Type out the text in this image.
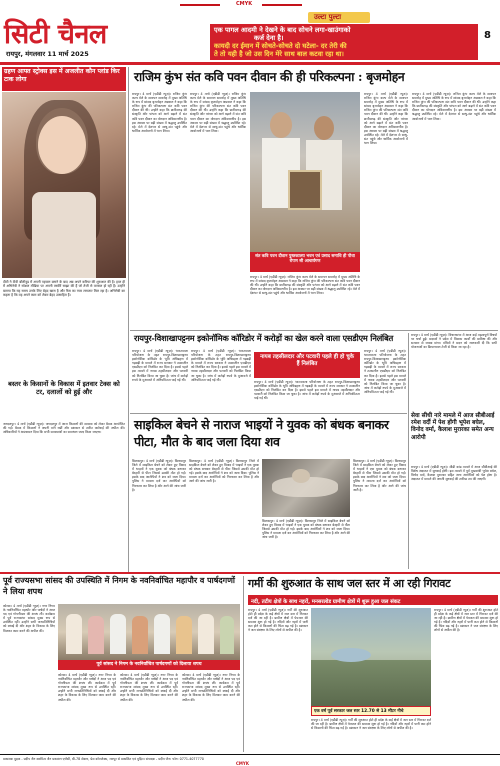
CMYK
सिटी चैनल
रायपुर, मंगलवार 11 मार्च 2025
उल्टा पुल्टा
एक पागल आदमी ने देखने के बाद सोचने लगा-खाउंगाको
कर्ज देना है।
कायदी दर ईमान में सोचते-सोचते दो घटेला- दर तेरी की
ते तो यही है जो उस दिन मेरे साथ बाल कटवा रहा था।
8
ग्रहण आफ्त स्ट्रोक्स इस में अजलीत कौन प्लांड किर टाक लोगा
दीवी ने टीवी बॉलीवुड में अपनी पहचान बनाने के बाद अब अपने करियर की शुरुआत की है। हाल ही में अभिनेत्री ने सोशल मीडिया पर अपनी तस्वीरें साझा की हैं जो तेजी से वायरल हो रही हैं। उन्होंने बताया कि यह समय उनके लिए बेहद खास है और फैंस का प्यार लगातार मिल रहा है। अभिनेत्री का कहना है कि वह अपने काम को लेकर बेहद उत्साहित हैं।
बस्तर के किसानों के विकास में इतवार टेक्स को टर, दलालों को हुई और
जगदलपुर। 4 मार्च (एडीडी न्यूज़)। जगदलपुर में आज किसानों की समस्या को लेकर बैठक आयोजित की गई। बैठक में किसानों ने अपनी मांगें रखीं और प्रशासन से त्वरित कार्रवाई की अपील की। अधिकारियों ने आश्वासन दिया कि सभी समस्याओं का समाधान जल्द किया जाएगा।
राजिम कुंभ संत कवि पवन दीवान की ही परिकल्पना : बृजमोहन
रायपुर। 4 मार्च (एडीडी न्यूज़)। राजिम कुंभ कल्प मेले के समापन समारोह में मुख्य अतिथि के रूप में सांसद बृजमोहन अग्रवाल ने कहा कि राजिम कुंभ की परिकल्पना संत कवि पवन दीवान की थी। उन्होंने कहा कि छत्तीसगढ़ की संस्कृति और परंपरा को आगे बढ़ाने में संत कवि पवन दीवान का योगदान अविस्मरणीय है। इस अवसर पर बड़ी संख्या में श्रद्धालु उपस्थित रहे। मेले में देशभर से साधु-संत पहुंचे और धार्मिक आयोजनों में भाग लिया।
रायपुर। 4 मार्च (एडीडी न्यूज़)। राजिम कुंभ कल्प मेले के समापन समारोह में मुख्य अतिथि के रूप में सांसद बृजमोहन अग्रवाल ने कहा कि राजिम कुंभ की परिकल्पना संत कवि पवन दीवान की थी। उन्होंने कहा कि छत्तीसगढ़ की संस्कृति और परंपरा को आगे बढ़ाने में संत कवि पवन दीवान का योगदान अविस्मरणीय है। इस अवसर पर बड़ी संख्या में श्रद्धालु उपस्थित रहे। मेले में देशभर से साधु-संत पहुंचे और धार्मिक आयोजनों में भाग लिया।
संत कवि पवन दीवान पुस्तकालय भवन एवं प्रसाद समाधि ही पौधा रोपण सी आचार्यगण
रायपुर। 4 मार्च (एडीडी न्यूज़)। राजिम कुंभ कल्प मेले के समापन समारोह में मुख्य अतिथि के रूप में सांसद बृजमोहन अग्रवाल ने कहा कि राजिम कुंभ की परिकल्पना संत कवि पवन दीवान की थी। उन्होंने कहा कि छत्तीसगढ़ की संस्कृति और परंपरा को आगे बढ़ाने में संत कवि पवन दीवान का योगदान अविस्मरणीय है। इस अवसर पर बड़ी संख्या में श्रद्धालु उपस्थित रहे। मेले में देशभर से साधु-संत पहुंचे और धार्मिक आयोजनों में भाग लिया।
रायपुर। 4 मार्च (एडीडी न्यूज़)। राजिम कुंभ कल्प मेले के समापन समारोह में मुख्य अतिथि के रूप में सांसद बृजमोहन अग्रवाल ने कहा कि राजिम कुंभ की परिकल्पना संत कवि पवन दीवान की थी। उन्होंने कहा कि छत्तीसगढ़ की संस्कृति और परंपरा को आगे बढ़ाने में संत कवि पवन दीवान का योगदान अविस्मरणीय है। इस अवसर पर बड़ी संख्या में श्रद्धालु उपस्थित रहे। मेले में देशभर से साधु-संत पहुंचे और धार्मिक आयोजनों में भाग लिया।
रायपुर। 4 मार्च (एडीडी न्यूज़)। राजिम कुंभ कल्प मेले के समापन समारोह में मुख्य अतिथि के रूप में सांसद बृजमोहन अग्रवाल ने कहा कि राजिम कुंभ की परिकल्पना संत कवि पवन दीवान की थी। उन्होंने कहा कि छत्तीसगढ़ की संस्कृति और परंपरा को आगे बढ़ाने में संत कवि पवन दीवान का योगदान अविस्मरणीय है। इस अवसर पर बड़ी संख्या में श्रद्धालु उपस्थित रहे। मेले में देशभर से साधु-संत पहुंचे और धार्मिक आयोजनों में भाग लिया।
रायपुर-विशाखापट्टनम इकोनॉमिक कॉरिडोर में करोड़ों का खेल करने वाला एसडीएम निलंबित
रायपुर। 4 मार्च (एडीडी न्यूज़)। भारतमाला परियोजना के तहत रायपुर-विशाखापट्टनम इकोनॉमिक कॉरिडोर के भूमि अधिग्रहण में गड़बड़ी के मामले में राज्य सरकार ने तत्कालीन एसडीएम को निलंबित कर दिया है। इससे पहले इस मामले में नायब तहसीलदार और पटवारी को निलंबित किया जा चुका है। जांच में करोड़ों रुपये के मुआवजे में अनियमितता पाई गई थी।
रायपुर। 4 मार्च (एडीडी न्यूज़)। भारतमाला परियोजना के तहत रायपुर-विशाखापट्टनम इकोनॉमिक कॉरिडोर के भूमि अधिग्रहण में गड़बड़ी के मामले में राज्य सरकार ने तत्कालीन एसडीएम को निलंबित कर दिया है। इससे पहले इस मामले में नायब तहसीलदार और पटवारी को निलंबित किया जा चुका है। जांच में करोड़ों रुपये के मुआवजे में अनियमितता पाई गई थी।
नायब तहसीलदार और पटवारी पहले ही हो चुके हैं निलंबित
रायपुर। 4 मार्च (एडीडी न्यूज़)। भारतमाला परियोजना के तहत रायपुर-विशाखापट्टनम इकोनॉमिक कॉरिडोर के भूमि अधिग्रहण में गड़बड़ी के मामले में राज्य सरकार ने तत्कालीन एसडीएम को निलंबित कर दिया है। इससे पहले इस मामले में नायब तहसीलदार और पटवारी को निलंबित किया जा चुका है। जांच में करोड़ों रुपये के मुआवजे में अनियमितता पाई गई थी।
रायपुर। 4 मार्च (एडीडी न्यूज़)। भारतमाला परियोजना के तहत रायपुर-विशाखापट्टनम इकोनॉमिक कॉरिडोर के भूमि अधिग्रहण में गड़बड़ी के मामले में राज्य सरकार ने तत्कालीन एसडीएम को निलंबित कर दिया है। इससे पहले इस मामले में नायब तहसीलदार और पटवारी को निलंबित किया जा चुका है। जांच में करोड़ों रुपये के मुआवजे में अनियमितता पाई गई थी।
रायपुर। 4 मार्च (एडीडी न्यूज़)। विधानसभा में आज कई महत्वपूर्ण विषयों पर चर्चा हुई। सदस्यों ने प्रदेश में विकास कार्यों की समीक्षा की और सरकार से जवाब मांगा। मंत्रियों ने सदन को जानकारी दी कि सभी योजनाओं का क्रियान्वयन तेजी से किया जा रहा है।
साइकिल बेचने से नाराज भाइयों ने युवक को बंधक बनाकर पीटा, मौत के बाद जला दिया शव
बिलासपुर। 4 मार्च (एडीडी न्यूज़)। बिलासपुर जिले में साइकिल बेचने को लेकर हुए विवाद में भाइयों ने एक युवक को बंधक बनाकर बेरहमी से पीटा जिससे उसकी मौत हो गई। इसके बाद आरोपियों ने शव को जला दिया। पुलिस ने मामला दर्ज कर आरोपियों को गिरफ्तार कर लिया है और आगे की जांच जारी है।
बिलासपुर। 4 मार्च (एडीडी न्यूज़)। बिलासपुर जिले में साइकिल बेचने को लेकर हुए विवाद में भाइयों ने एक युवक को बंधक बनाकर बेरहमी से पीटा जिससे उसकी मौत हो गई। इसके बाद आरोपियों ने शव को जला दिया। पुलिस ने मामला दर्ज कर आरोपियों को गिरफ्तार कर लिया है और आगे की जांच जारी है।
बिलासपुर। 4 मार्च (एडीडी न्यूज़)। बिलासपुर जिले में साइकिल बेचने को लेकर हुए विवाद में भाइयों ने एक युवक को बंधक बनाकर बेरहमी से पीटा जिससे उसकी मौत हो गई। इसके बाद आरोपियों ने शव को जला दिया। पुलिस ने मामला दर्ज कर आरोपियों को गिरफ्तार कर लिया है और आगे की जांच जारी है।
बिलासपुर। 4 मार्च (एडीडी न्यूज़)। बिलासपुर जिले में साइकिल बेचने को लेकर हुए विवाद में भाइयों ने एक युवक को बंधक बनाकर बेरहमी से पीटा जिससे उसकी मौत हो गई। इसके बाद आरोपियों ने शव को जला दिया। पुलिस ने मामला दर्ज कर आरोपियों को गिरफ्तार कर लिया है और आगे की जांच जारी है।
सेवा सीधी नारे मामले में आज सीबीआई रमेश वर्दी में पेश होंगी भूपेश बघेल, विनोद वर्मा, कैलाश मुरारका समेत अन्य आरोपी
रायपुर। 4 मार्च (एडीडी न्यूज़)। सीडी कांड मामले में आज सीबीआई की विशेष अदालत में सुनवाई होगी। इस मामले में पूर्व मुख्यमंत्री भूपेश बघेल, विनोद वर्मा, कैलाश मुरारका सहित अन्य आरोपियों को पेश होना है। अदालत में मामले की अगली सुनवाई की तारीख तय की जाएगी।
पूर्व राज्यसभा सांसद की उपस्थिति में निगम के नवनिर्वाचित महापौर व पार्षदगणों ने लिया शपथ
कोरबा। 4 मार्च (एडीडी न्यूज़)। नगर निगम के नवनिर्वाचित महापौर और पार्षदों ने आज पद एवं गोपनीयता की शपथ ली। कार्यक्रम में पूर्व राज्यसभा सांसद मुख्य रूप से उपस्थित रहीं। उन्होंने सभी जनप्रतिनिधियों को बधाई दी और शहर के विकास के लिए मिलकर काम करने की अपील की।
पूर्व सांसद ने निगम के नवनिर्वाचित पार्षदगणों को दिलाया शपथ
कोरबा। 4 मार्च (एडीडी न्यूज़)। नगर निगम के नवनिर्वाचित महापौर और पार्षदों ने आज पद एवं गोपनीयता की शपथ ली। कार्यक्रम में पूर्व राज्यसभा सांसद मुख्य रूप से उपस्थित रहीं। उन्होंने सभी जनप्रतिनिधियों को बधाई दी और शहर के विकास के लिए मिलकर काम करने की अपील की।
कोरबा। 4 मार्च (एडीडी न्यूज़)। नगर निगम के नवनिर्वाचित महापौर और पार्षदों ने आज पद एवं गोपनीयता की शपथ ली। कार्यक्रम में पूर्व राज्यसभा सांसद मुख्य रूप से उपस्थित रहीं। उन्होंने सभी जनप्रतिनिधियों को बधाई दी और शहर के विकास के लिए मिलकर काम करने की अपील की।
कोरबा। 4 मार्च (एडीडी न्यूज़)। नगर निगम के नवनिर्वाचित महापौर और पार्षदों ने आज पद एवं गोपनीयता की शपथ ली। कार्यक्रम में पूर्व राज्यसभा सांसद मुख्य रूप से उपस्थित रहीं। उन्होंने सभी जनप्रतिनिधियों को बधाई दी और शहर के विकास के लिए मिलकर काम करने की अपील की।
गर्मी की शुरुआत के साथ जल स्तर में आ रही गिरावट
नदी, तटीय क्षेत्रों के साथ नहरों, मनसरलोड ग्रामीण क्षेत्रों में शुरू हुआ जल संकट
रायपुर। 4 मार्च (एडीडी न्यूज़)। गर्मी की शुरुआत होते ही प्रदेश के कई क्षेत्रों में जल स्तर में गिरावट दर्ज की जा रही है। ग्रामीण क्षेत्रों में पेयजल की समस्या शुरू हो गई है। नदियों और नहरों में पानी कम होने से किसानों की चिंता बढ़ गई है। प्रशासन ने जल संरक्षण के लिए लोगों से अपील की है।
एक वर्ष पूर्व सरकार जल स्तर 12.70 से 13 मीटर नीचे
रायपुर। 4 मार्च (एडीडी न्यूज़)। गर्मी की शुरुआत होते ही प्रदेश के कई क्षेत्रों में जल स्तर में गिरावट दर्ज की जा रही है। ग्रामीण क्षेत्रों में पेयजल की समस्या शुरू हो गई है। नदियों और नहरों में पानी कम होने से किसानों की चिंता बढ़ गई है। प्रशासन ने जल संरक्षण के लिए लोगों से अपील की है।
रायपुर। 4 मार्च (एडीडी न्यूज़)। गर्मी की शुरुआत होते ही प्रदेश के कई क्षेत्रों में जल स्तर में गिरावट दर्ज की जा रही है। ग्रामीण क्षेत्रों में पेयजल की समस्या शुरू हो गई है। नदियों और नहरों में पानी कम होने से किसानों की चिंता बढ़ गई है। प्रशासन ने जल संरक्षण के लिए लोगों से अपील की है।
प्रकाशक मुद्रक - प्रदीप जैन स्वामित्व जैन प्रकाशन एजेंसी, बी-78 सेक्टर, प्रेस कॉम्प्लेक्स, रायपुर से प्रकाशित एवं मुद्रित। संपादक - प्रदीप जैन। फोन: 0771-4077770
CMYK
